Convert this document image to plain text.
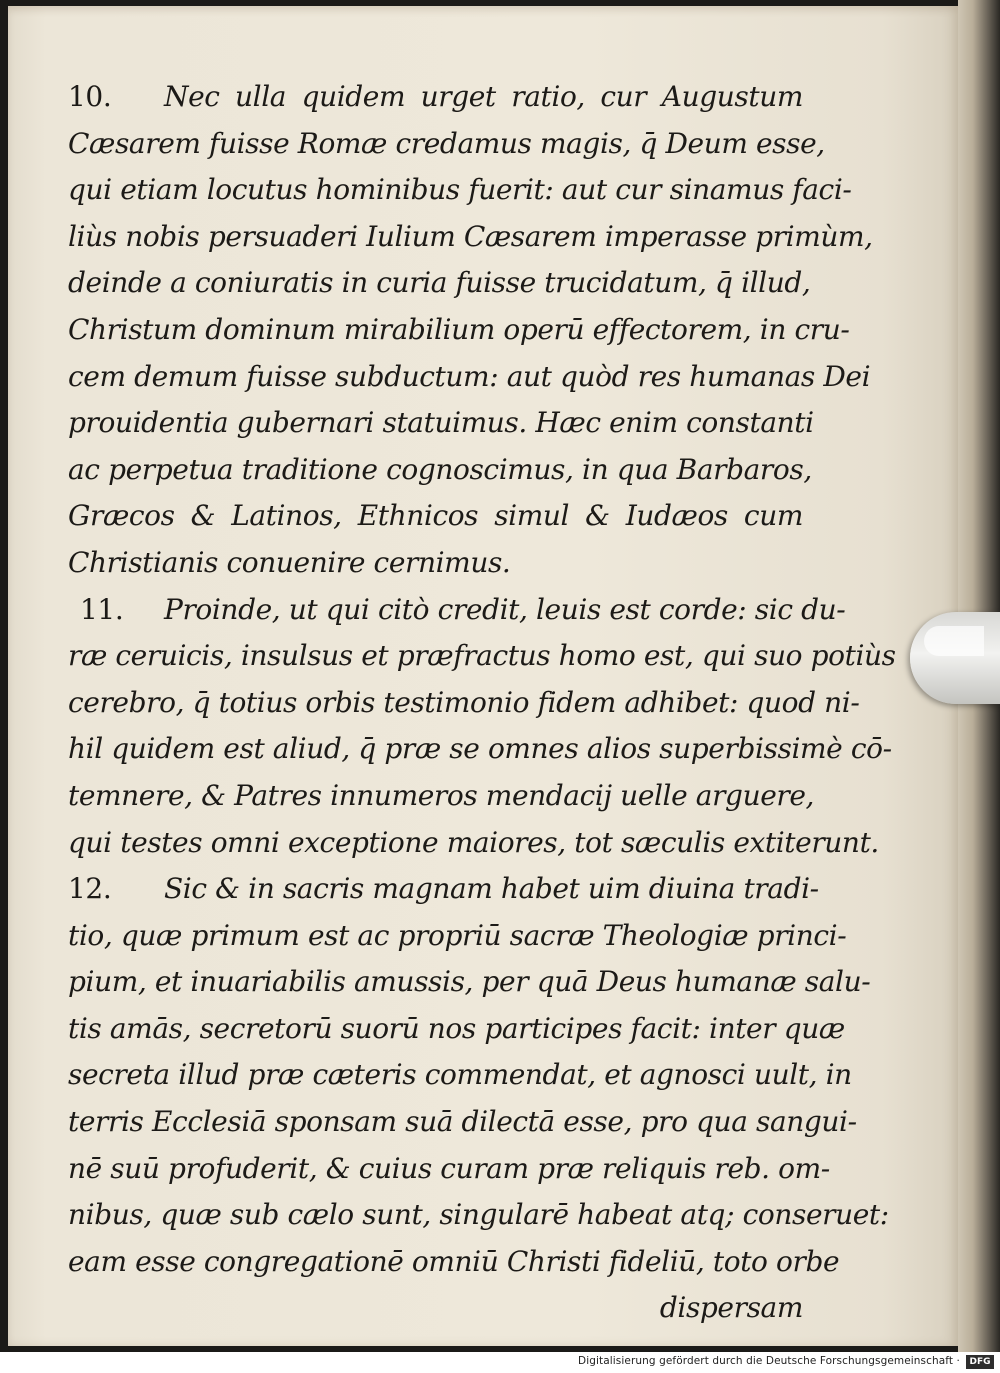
10. Nec ulla quidem urget ratio, cur Augustum
Cæsarem fuisse Romæ credamus magis, q̄ Deum esse,
qui etiam locutus hominibus fuerit: aut cur sinamus faci-
liùs nobis persuaderi Iulium Cæsarem imperasse primùm,
deinde a coniuratis in curia fuisse trucidatum, q̄ illud,
Christum dominum mirabilium operū effectorem, in cru-
cem demum fuisse subductum: aut quòd res humanas Dei
prouidentia gubernari statuimus. Hæc enim constanti
ac perpetua traditione cognoscimus, in qua Barbaros,
Græcos & Latinos, Ethnicos simul & Iudæos cum
Christianis conuenire cernimus.
11. Proinde, ut qui citò credit, leuis est corde: sic du-
ræ ceruicis, insulsus et præfractus homo est, qui suo potiùs
cerebro, q̄ totius orbis testimonio fidem adhibet: quod ni-
hil quidem est aliud, q̄ præ se omnes alios superbissimè cō-
temnere, & Patres innumeros mendacij uelle arguere,
qui testes omni exceptione maiores, tot sæculis extiterunt.
12. Sic & in sacris magnam habet uim diuina tradi-
tio, quæ primum est ac propriū sacræ Theologiæ princi-
pium, et inuariabilis amussis, per quā Deus humanæ salu-
tis amās, secretorū suorū nos participes facit: inter quæ
secreta illud præ cæteris commendat, et agnosci uult, in
terris Ecclesiā sponsam suā dilectā esse, pro qua sangui-
nē suū profuderit, & cuius curam præ reliquis reb. om-
nibus, quæ sub cælo sunt, singularē habeat atq; conseruet:
eam esse congregationē omniū Christi fideliū, toto orbe
dispersam
Digitalisierung gefördert durch die Deutsche Forschungsgemeinschaft ·	DFG
